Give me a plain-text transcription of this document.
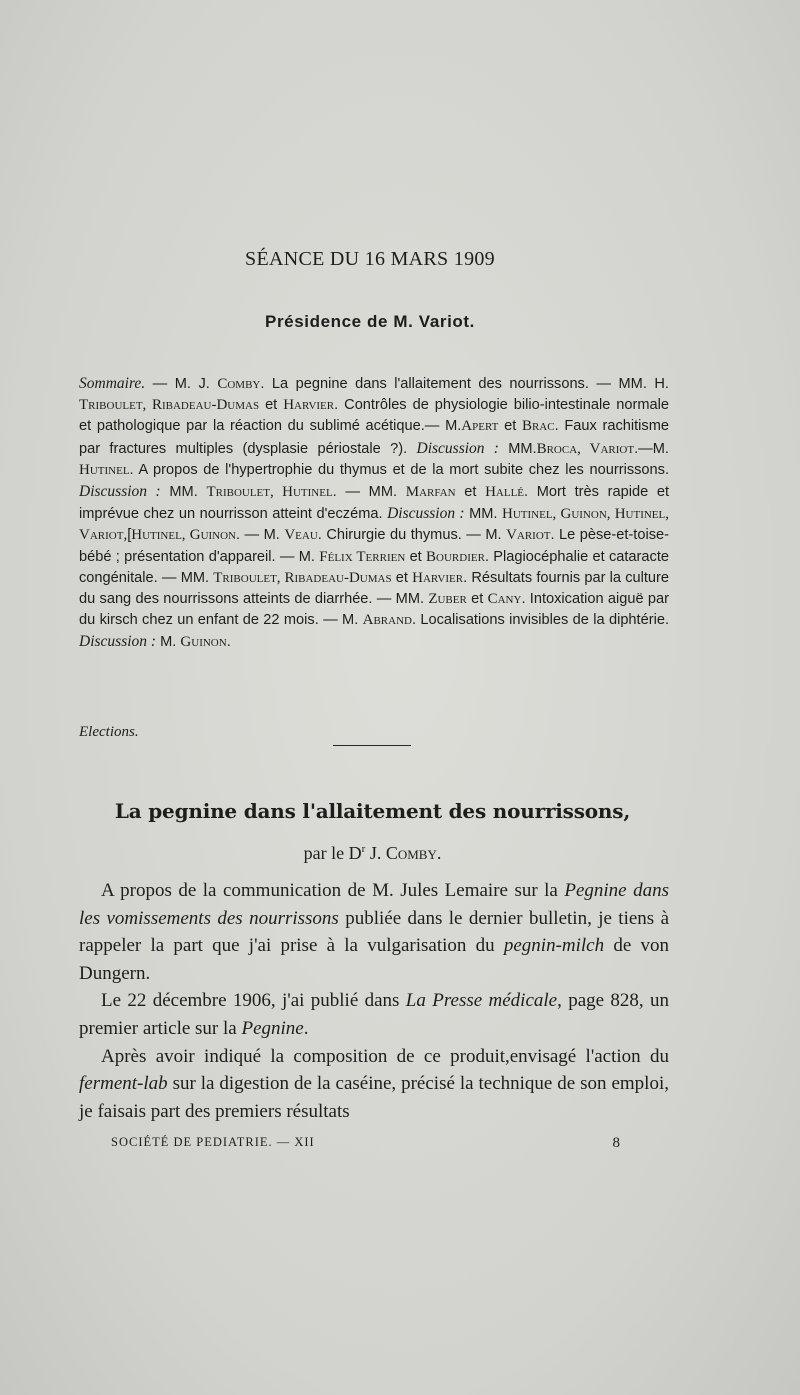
SÉANCE DU 16 MARS 1909
Présidence de M. Variot.

Sommaire. — M. J. Comby. La pegnine dans l'allaitement des nourrissons. — MM. H. Triboulet, Ribadeau-Dumas et Harvier. Contrôles de physiologie bilio-intestinale normale et pathologique par la réaction du sublimé acétique.— M.Apert et Brac. Faux rachitisme par fractures multiples (dysplasie périostale ?). Discussion : MM.Broca, Variot.—M. Hutinel. A propos de l'hypertrophie du thymus et de la mort subite chez les nourrissons. Discussion : MM. Triboulet, Hutinel. — MM. Marfan et Hallé. Mort très rapide et imprévue chez un nourrisson atteint d'eczéma. Discussion : MM. Hutinel, Guinon, Hutinel, Variot,[Hutinel, Guinon. — M. Veau. Chirurgie du thymus. — M. Variot. Le pèse-et-toise-bébé ; présentation d'appareil. — M. Félix Terrien et Bourdier. Plagiocéphalie et cataracte congénitale. — MM. Triboulet, Ribadeau-Dumas et Harvier. Résultats fournis par la culture du sang des nourrissons atteints de diarrhée. — MM. Zuber et Cany. Intoxication aiguë par du kirsch chez un enfant de 22 mois. — M. Abrand. Localisations invisibles de la diphtérie. Discussion : M. Guinon.

Elections.
La pegnine dans l'allaitement des nourrissons,
par le $D^r$ J. Comby.

A propos de la communication de M. Jules Lemaire sur la Pegnine dans les vomissements des nourrissons publiée dans le dernier bulletin, je tiens à rappeler la part que j'ai prise à la vulgarisation du pegnin-milch de von Dungern.

Le 22 décembre 1906, j'ai publié dans La Presse médicale, page 828, un premier article sur la Pegnine.

Après avoir indiqué la composition de ce produit,envisagé l'action du ferment-lab sur la digestion de la caséine, précisé la technique de son emploi, je faisais part des premiers résultats

SOCIÉTÉ DE PEDIATRIE. — XII	8
